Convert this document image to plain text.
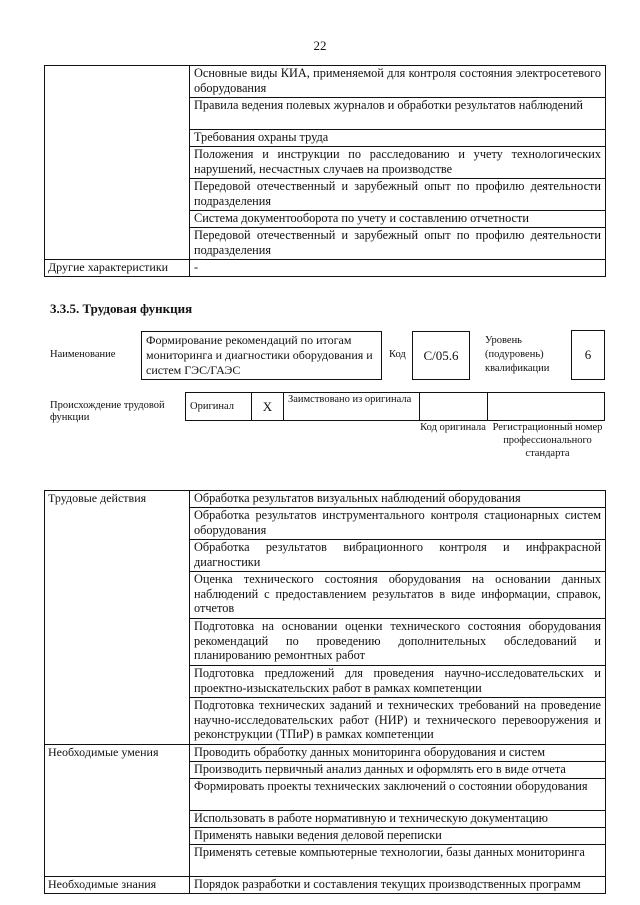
22
	Основные виды КИА, применяемой для контроля состояния электросетевого оборудования
	Правила ведения полевых журналов и обработки результатов наблюдений
	Требования охраны труда
	Положения и инструкции по расследованию и учету технологических нарушений, несчастных случаев на производстве
	Передовой отечественный и зарубежный опыт по профилю деятельности подразделения
	Система документооборота по учету и составлению отчетности
	Передовой отечественный и зарубежный опыт по профилю деятельности подразделения
Другие характеристики	-
3.3.5. Трудовая функция
Наименование
Формирование рекомендаций по итогам мониторинга и диагностики оборудования и систем ГЭС/ГАЭС
Код	C/05.6
Уровень
(подуровень)
квалификации
6
Происхождение трудовой функции
Оригинал	X	Заимствовано из оригинала		
Код оригинала Регистрационный номер профессионального стандарта
Трудовые действия	Обработка результатов визуальных наблюдений оборудования
	Обработка результатов инструментального контроля стационарных систем оборудования
	Обработка результатов вибрационного контроля и инфракрасной диагностики
	Оценка технического состояния оборудования на основании данных наблюдений с предоставлением результатов в виде информации, справок, отчетов
	Подготовка на основании оценки технического состояния оборудования рекомендаций по проведению дополнительных обследований и планированию ремонтных работ
	Подготовка предложений для проведения научно-исследовательских и проектно-изыскательских работ в рамках компетенции
	Подготовка технических заданий и технических требований на проведение научно-исследовательских работ (НИР) и технического перевооружения и реконструкции (ТПиР) в рамках компетенции
Необходимые умения	Проводить обработку данных мониторинга оборудования и систем
	Производить первичный анализ данных и оформлять его в виде отчета
	Формировать проекты технических заключений о состоянии оборудования
	Использовать в работе нормативную и техническую документацию
	Применять навыки ведения деловой переписки
	Применять сетевые компьютерные технологии, базы данных мониторинга
Необходимые знания	Порядок разработки и составления текущих производственных программ
